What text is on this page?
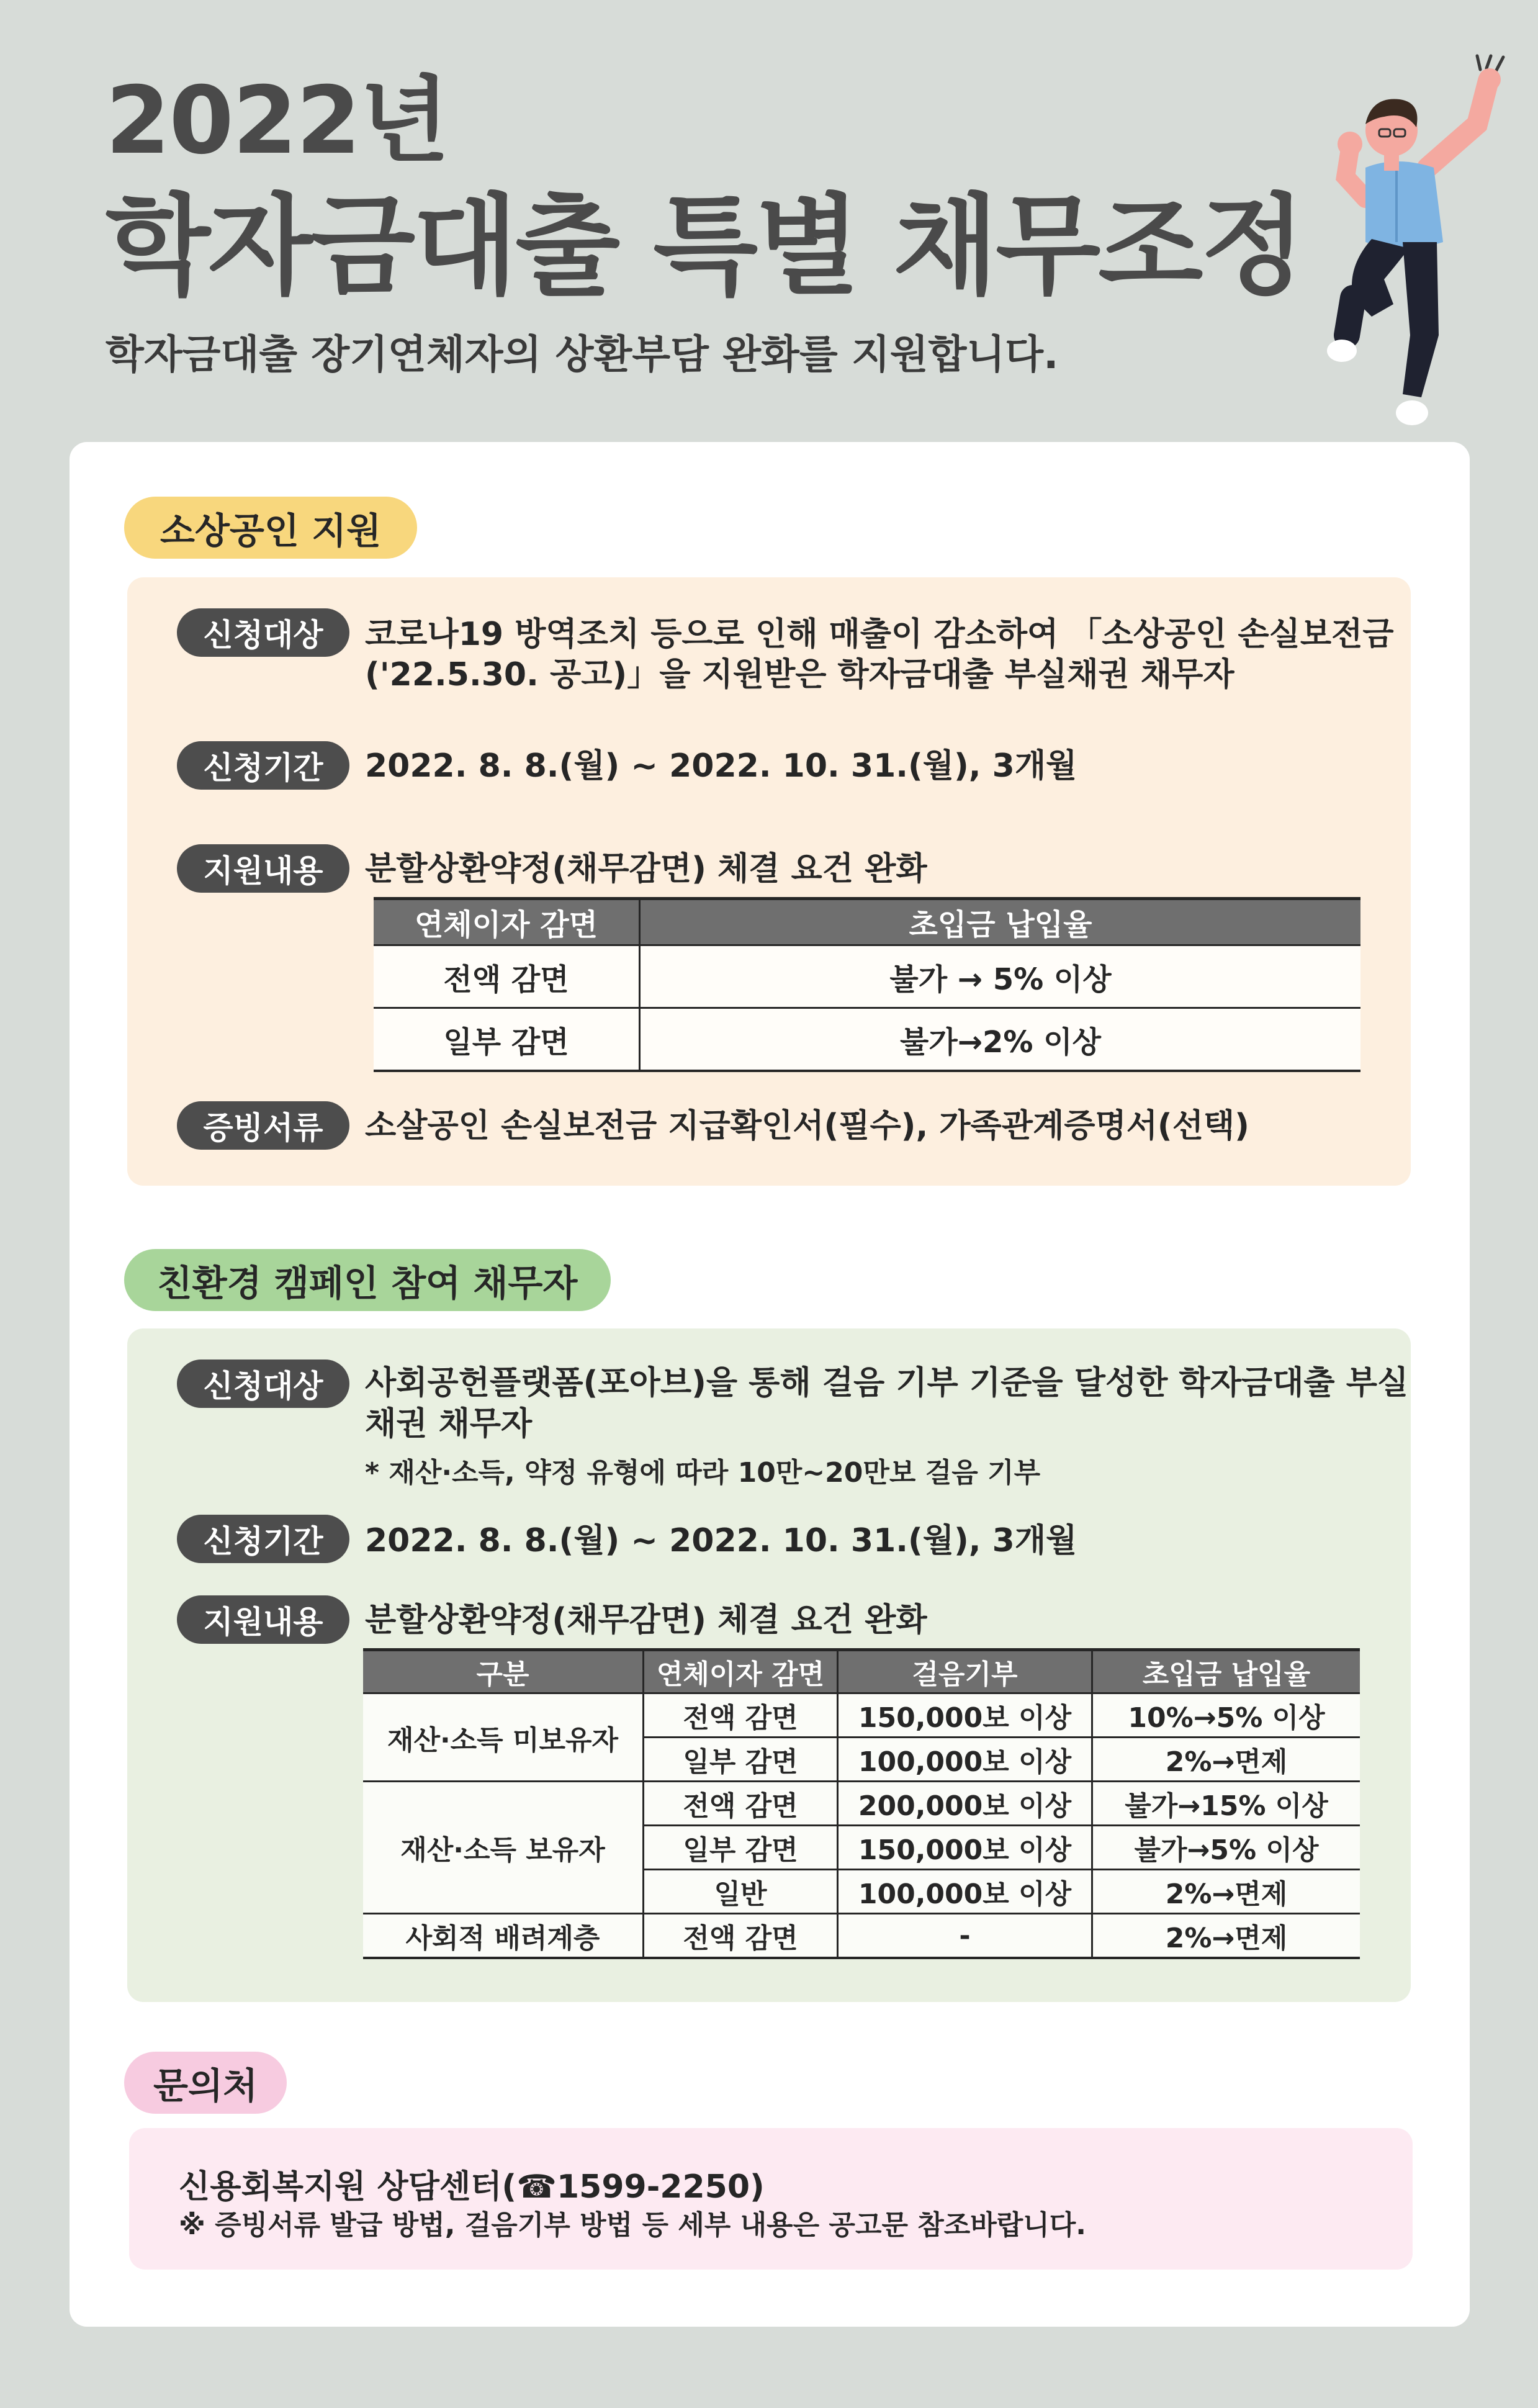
2022년
학자금대출 특별 채무조정
학자금대출 장기연체자의 상환부담 완화를 지원합니다.
소상공인 지원
신청대상	코로나19 방역조치 등으로 인해 매출이 감소하여 「소상공인 손실보전금
('22.5.30. 공고)」을 지원받은 학자금대출 부실채권 채무자
신청기간	2022. 8. 8.(월) ~ 2022. 10. 31.(월), 3개월
지원내용	분할상환약정(채무감면) 체결 요건 완화
연체이자 감면	초입금 납입율
전액 감면	불가 → 5% 이상
일부 감면	불가→2% 이상
증빙서류	소살공인 손실보전금 지급확인서(필수), 가족관계증명서(선택)
친환경 캠페인 참여 채무자
신청대상	사회공헌플랫폼(포아브)을 통해 걸음 기부 기준을 달성한 학자금대출 부실
채권 채무자
* 재산·소득, 약정 유형에 따라 10만~20만보 걸음 기부
신청기간	2022. 8. 8.(월) ~ 2022. 10. 31.(월), 3개월
지원내용	분할상환약정(채무감면) 체결 요건 완화
구분	연체이자 감면	걸음기부	초입금 납입율
재산·소득 미보유자	전액 감면	150,000보 이상	10%→5% 이상
	일부 감면	100,000보 이상	2%→면제
재산·소득 보유자	전액 감면	200,000보 이상	불가→15% 이상
	일부 감면	150,000보 이상	불가→5% 이상
	일반	100,000보 이상	2%→면제
사회적 배려계층	전액 감면	-	2%→면제
문의처
신용회복지원 상담센터(☎1599-2250)
※ 증빙서류 발급 방법, 걸음기부 방법 등 세부 내용은 공고문 참조바랍니다.
